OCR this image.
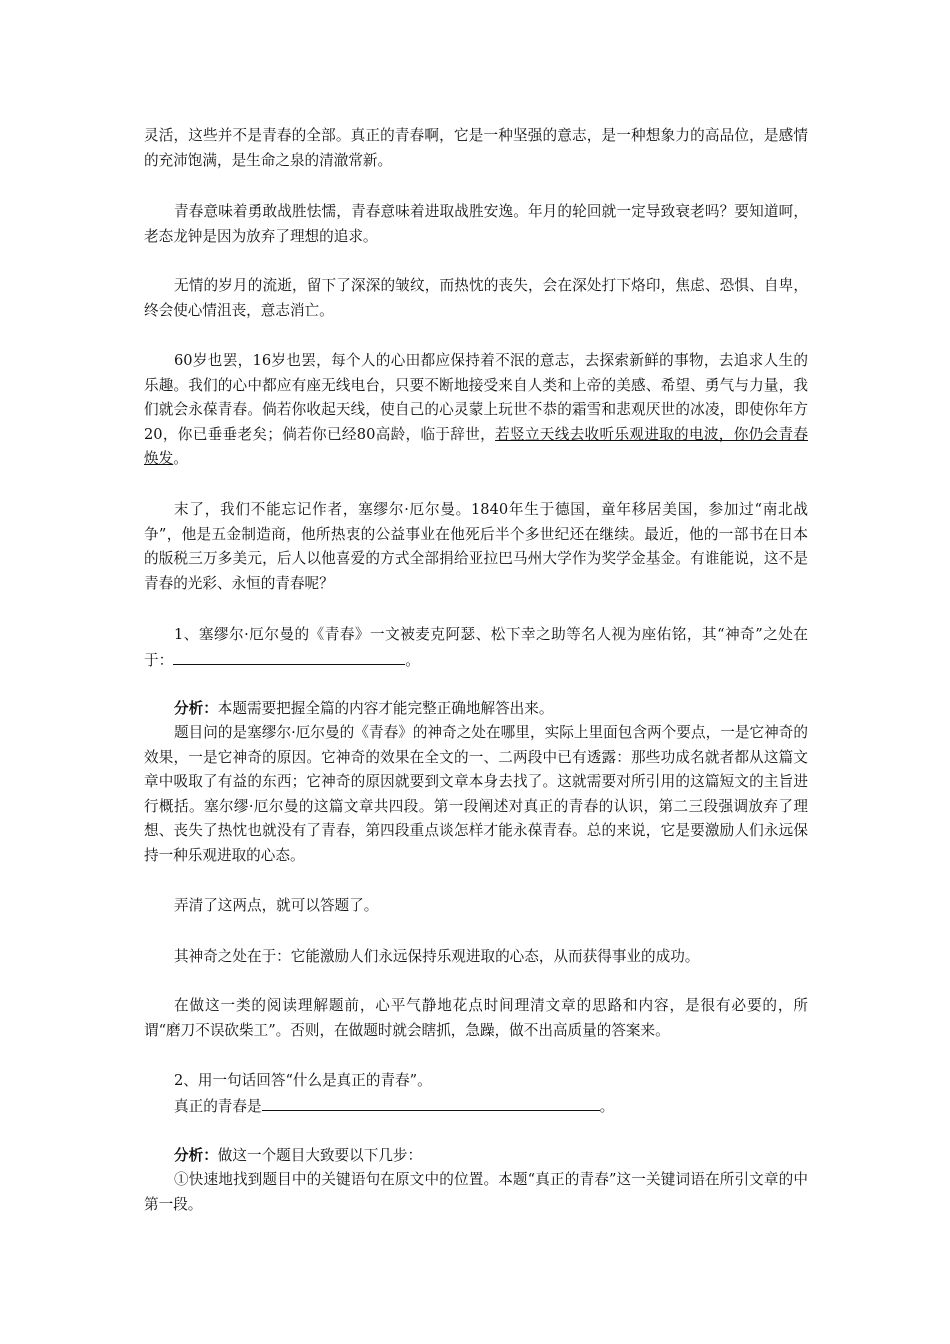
灵活，这些并不是青春的全部。真正的青春啊，它是一种坚强的意志，是一种想象力的高品位，是感情的充沛饱满，是生命之泉的清澈常新。

青春意味着勇敢战胜怯懦，青春意味着进取战胜安逸。年月的轮回就一定导致衰老吗？要知道呵，老态龙钟是因为放弃了理想的追求。

无情的岁月的流逝，留下了深深的皱纹，而热忱的丧失，会在深处打下烙印，焦虑、恐惧、自卑，终会使心情沮丧，意志消亡。

60岁也罢，16岁也罢，每个人的心田都应保持着不泯的意志，去探索新鲜的事物，去追求人生的乐趣。我们的心中都应有座无线电台，只要不断地接受来自人类和上帝的美感、希望、勇气与力量，我们就会永葆青春。倘若你收起天线，使自己的心灵蒙上玩世不恭的霜雪和悲观厌世的冰凌，即使你年方20，你已垂垂老矣；倘若你已经80高龄，临于辞世，若竖立天线去收听乐观进取的电波，你仍会青春焕发。

末了，我们不能忘记作者，塞缪尔·厄尔曼。1840年生于德国，童年移居美国，参加过“南北战争”，他是五金制造商，他所热衷的公益事业在他死后半个多世纪还在继续。最近，他的一部书在日本的版税三万多美元，后人以他喜爱的方式全部捐给亚拉巴马州大学作为奖学金基金。有谁能说，这不是青春的光彩、永恒的青春呢？

1、塞缪尔·厄尔曼的《青春》一文被麦克阿瑟、松下幸之助等名人视为座佑铭，其“神奇”之处在于：	。

分析：本题需要把握全篇的内容才能完整正确地解答出来。

题目问的是塞缪尔·厄尔曼的《青春》的神奇之处在哪里，实际上里面包含两个要点，一是它神奇的效果，一是它神奇的原因。它神奇的效果在全文的一、二两段中已有透露：那些功成名就者都从这篇文章中吸取了有益的东西；它神奇的原因就要到文章本身去找了。这就需要对所引用的这篇短文的主旨进行概括。塞尔缪·厄尔曼的这篇文章共四段。第一段阐述对真正的青春的认识，第二三段强调放弃了理想、丧失了热忱也就没有了青春，第四段重点谈怎样才能永葆青春。总的来说，它是要激励人们永远保持一种乐观进取的心态。

弄清了这两点，就可以答题了。

其神奇之处在于：它能激励人们永远保持乐观进取的心态，从而获得事业的成功。

在做这一类的阅读理解题前，心平气静地花点时间理清文章的思路和内容，是很有必要的，所谓“磨刀不误砍柴工”。否则，在做题时就会瞎抓，急躁，做不出高质量的答案来。

2、用一句话回答“什么是真正的青春”。

真正的青春是	。

分析：做这一个题目大致要以下几步：

①快速地找到题目中的关键语句在原文中的位置。本题“真正的青春”这一关键词语在所引文章的中第一段。
